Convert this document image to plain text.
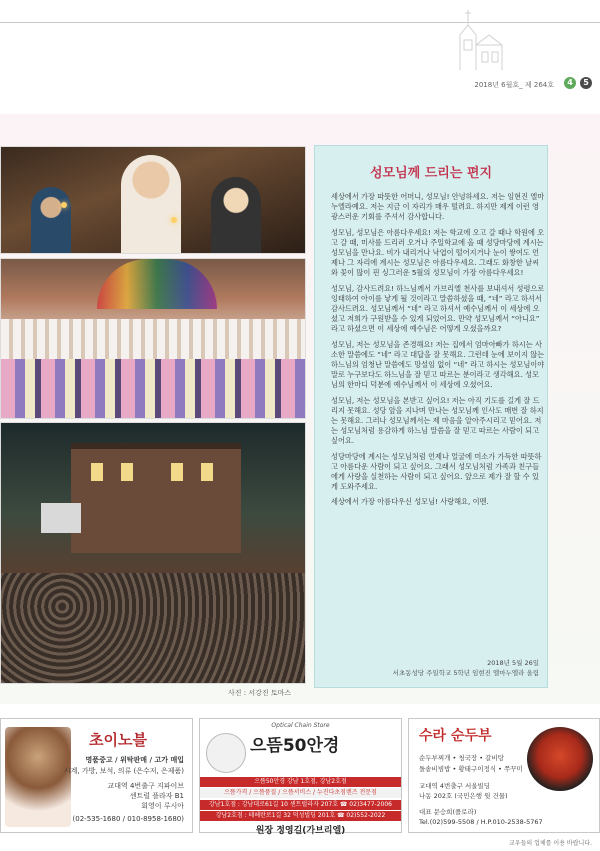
2018년 6월호_ 제 264호	4	5
사진 : 서강진 토마스
성모님께 드리는 편지

세상에서 가장 따뜻한 어머니, 성모님! 안녕하세요. 저는 임현진 엘마누엘라예요. 저는 지금 이 자리가 매우 떨려요. 하지만 제게 이런 영광스러운 기회를 주셔서 감사합니다.

성모님, 성모님은 아름다우세요! 저는 학교에 오고 갈 때나 학원에 오고 갈 때, 미사를 드리러 오거나 주일학교에 올 때 성당마당에 계시는 성모님을 만나요. 비가 내리거나 낙엽이 떨어지거나 눈이 쌓여도 언제나 그 자리에 계시는 성모님은 아름다우세요. 그래도 화창한 날씨와 꽃이 많이 핀 싱그러운 5월의 성모님이 가장 아름다우세요!

성모님, 감사드려요! 하느님께서 가브리엘 천사를 보내셔서 성령으로 잉태하여 아이를 낳게 될 것이라고 말씀하셨을 때, “네” 라고 하셔서 감사드려요. 성모님께서 “네” 라고 하셔서 예수님께서 이 세상에 오셨고 저희가 구원받을 수 있게 되었어요. 만약 성모님께서 “아니요” 라고 하셨으면 이 세상에 예수님은 어떻게 오셨을까요?

성모님, 저는 성모님을 존경해요! 저는 집에서 엄마아빠가 하시는 사소한 말씀에도 “네” 라고 대답을 잘 못해요. 그런데 눈에 보이지 않는 하느님의 엄청난 말씀에도 망설임 없이 “네” 라고 하시는 성모님이야말로 누구보다도 하느님을 잘 믿고 따르는 분이라고 생각해요. 성모님의 한마디 덕분에 예수님께서 이 세상에 오셨어요.

성모님, 저는 성모님을 본받고 싶어요! 저는 아직 기도를 길게 잘 드리지 못해요. 성당 앞을 지나며 만나는 성모님께 인사도 매번 잘 하지는 못해요. 그러나 성모님께서는 제 마음을 알아주시리고 믿어요. 저는 성모님처럼 용감하게 하느님 말씀을 잘 믿고 따르는 사람이 되고 싶어요.

성당마당에 계시는 성모님처럼 언제나 얼굴에 미소가 가득한 따뜻하고 아름다운 사람이 되고 싶어요. 그래서 성모님처럼 가족과 친구들에게 사랑을 실천하는 사람이 되고 싶어요. 앞으로 제가 잘 할 수 있게 도와주세요.

세상에서 가장 아름다우신 성모님! 사랑해요, 이멘.

2018년 5월 26일
서초동성당 주일학교 5학년 임현진 엘마누엘라 올림
초이노블
명품중고 / 위탁판매 / 고가 매입
시계, 가방, 보석, 의류 (은수저, 은제품)
교대역 4번출구 지파이브
센트럴 플라자 B1
회영이 루시아
(02-535-1680 / 010-8958-1680)
Optical Chain Store
으뜸50안경
으뜸50안경 강남 1호점, 강남2호점
으뜸가격 / 으뜸품질 / 으뜸서비스 / 누진다초점렌즈 전문점
강남1호점 : 강남대로61길 10 센트럴라자 207호 ☎ 02)3477-2006
강남2호점 : 테헤란로1길 32 덕성빌딩 201호 ☎ 02)552-2022
원장 정영길(가브리엘)
수라 순두부
순두부찌개 • 청국장 • 갈비탕
돌솥비빔밥 • 황태구이정식 • 쭈꾸미
교대역 4번출구 서울빌딩
나동 202호 (국민은행 뒷 건물)
대표 문승희(플로라)
Tel.(02)599-5508 / H.P.010-2538-5767
교우들의 업체를 이용 바랍니다.
